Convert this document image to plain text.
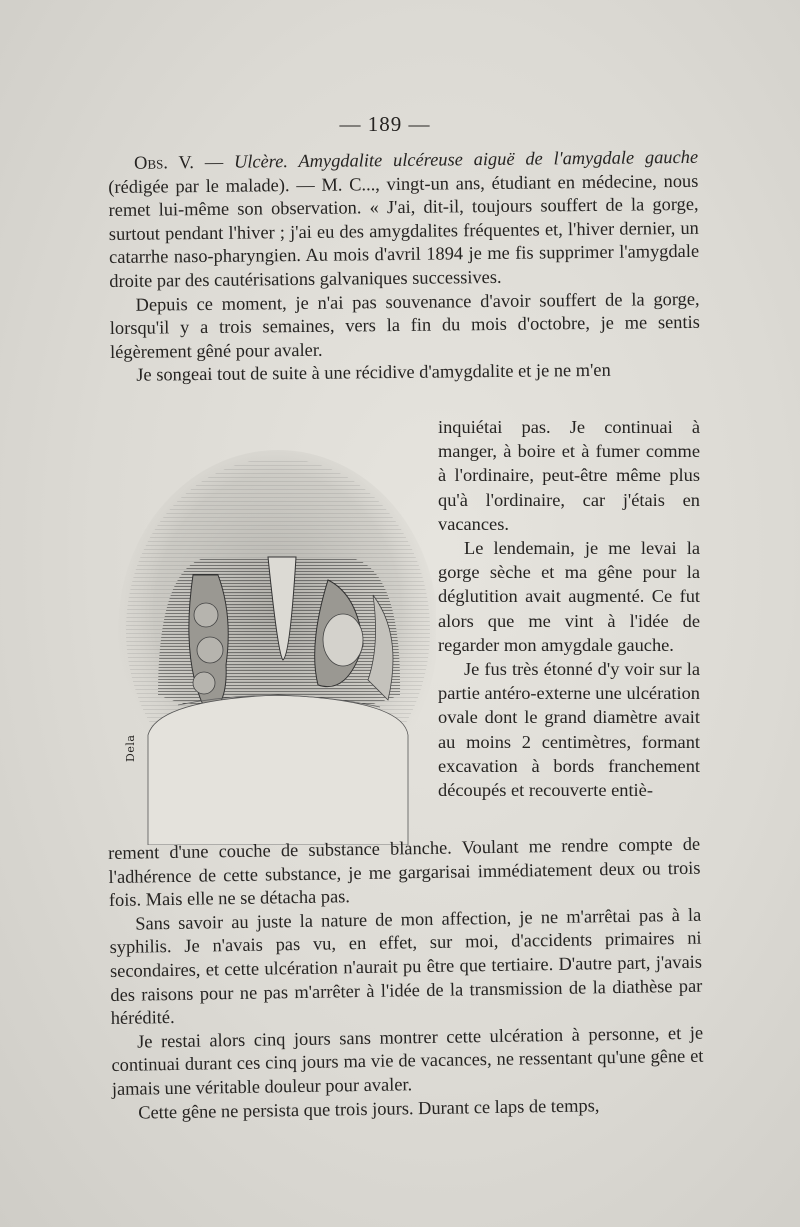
— 189 —

Obs. V. — Ulcère. Amygdalite ulcéreuse aiguë de l'amygdale gauche (rédigée par le malade). — M. C..., vingt-un ans, étudiant en médecine, nous remet lui-même son observation. « J'ai, dit-il, toujours souffert de la gorge, surtout pendant l'hiver ; j'ai eu des amygdalites fréquentes et, l'hiver dernier, un catarrhe naso-pharyngien. Au mois d'avril 1894 je me fis supprimer l'amygdale droite par des cautérisations galvaniques successives.

Depuis ce moment, je n'ai pas souvenance d'avoir souffert de la gorge, lorsqu'il y a trois semaines, vers la fin du mois d'octobre, je me sentis légèrement gêné pour avaler.

Je songeai tout de suite à une récidive d'amygdalite et je ne m'en

inquiétai pas. Je continuai à manger, à boire et à fumer comme à l'ordinaire, peut-être même plus qu'à l'ordinaire, car j'étais en vacances.

Le lendemain, je me levai la gorge sèche et ma gêne pour la déglutition avait augmenté. Ce fut alors que me vint à l'idée de regarder mon amygdale gauche.

Je fus très étonné d'y voir sur la partie antéro-externe une ulcération ovale dont le grand diamètre avait au moins 2 centimètres, formant excavation à bords franchement découpés et recouverte entiè-

Dela

rement d'une couche de substance blanche. Voulant me rendre compte de l'adhérence de cette substance, je me gargarisai immédiatement deux ou trois fois. Mais elle ne se détacha pas.

Sans savoir au juste la nature de mon affection, je ne m'arrêtai pas à la syphilis. Je n'avais pas vu, en effet, sur moi, d'accidents primaires ni secondaires, et cette ulcération n'aurait pu être que tertiaire. D'autre part, j'avais des raisons pour ne pas m'arrêter à l'idée de la transmission de la diathèse par hérédité.

Je restai alors cinq jours sans montrer cette ulcération à personne, et je continuai durant ces cinq jours ma vie de vacances, ne ressentant qu'une gêne et jamais une véritable douleur pour avaler.

Cette gêne ne persista que trois jours. Durant ce laps de temps,
